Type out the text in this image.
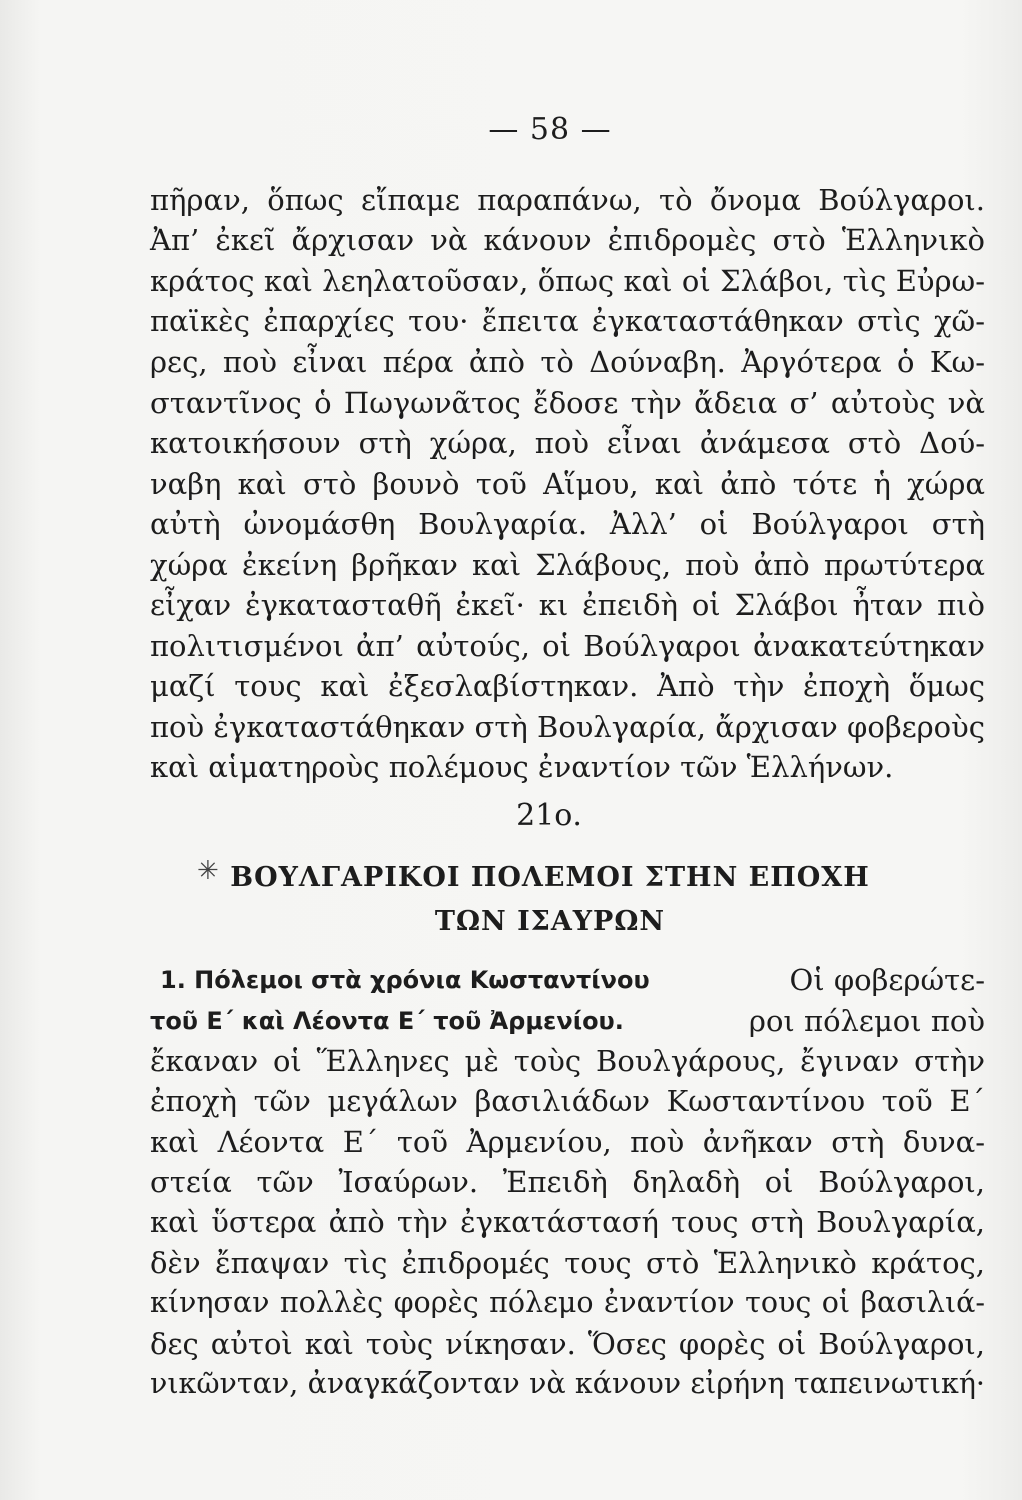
— 58 —
πῆραν, ὅπως εἴπαμε παραπάνω, τὸ ὄνομα Βούλγαροι.
Ἀπ’ ἐκεῖ ἄρχισαν νὰ κάνουν ἐπιδρομὲς στὸ Ἑλληνικὸ
κράτος καὶ λεηλατοῦσαν, ὅπως καὶ οἱ Σλάβοι, τὶς Εὐρω-
παϊκὲς ἐπαρχίες του· ἔπειτα ἐγκαταστάθηκαν στὶς χῶ-
ρες, ποὺ εἶναι πέρα ἀπὸ τὸ Δούναβη. Ἀργότερα ὁ Κω-
σταντῖνος ὁ Πωγωνᾶτος ἔδοσε τὴν ἄδεια σ’ αὐτοὺς νὰ
κατοικήσουν στὴ χώρα, ποὺ εἶναι ἀνάμεσα στὸ Δού-
ναβη καὶ στὸ βουνὸ τοῦ Αἵμου, καὶ ἀπὸ τότε ἡ χώρα
αὐτὴ ὠνομάσθη Βουλγαρία. Ἀλλ’ οἱ Βούλγαροι στὴ
χώρα ἐκείνη βρῆκαν καὶ Σλάβους, ποὺ ἀπὸ πρωτύτερα
εἶχαν ἐγκατασταθῆ ἐκεῖ· κι ἐπειδὴ οἱ Σλάβοι ἦταν πιὸ
πολιτισμένοι ἀπ’ αὐτούς, οἱ Βούλγαροι ἀνακατεύτηκαν
μαζί τους καὶ ἐξεσλαβίστηκαν. Ἀπὸ τὴν ἐποχὴ ὅμως
ποὺ ἐγκαταστάθηκαν στὴ Βουλγαρία, ἄρχισαν φοβεροὺς
καὶ αἱματηροὺς πολέμους ἐναντίον τῶν Ἑλλήνων.
21ο.
✳ ΒΟΥΛΓΑΡΙΚΟΙ ΠΟΛΕΜΟΙ ΣΤΗΝ ΕΠΟΧΗ
ΤΩΝ ΙΣΑΥΡΩΝ
1. Πόλεμοι στὰ χρόνια Κωσταντίνου	Οἱ φοβερώτε-
τοῦ Ε΄ καὶ Λέοντα Ε΄ τοῦ Ἀρμενίου.	ροι πόλεμοι ποὺ
ἔκαναν οἱ Ἕλληνες μὲ τοὺς Βουλγάρους, ἔγιναν στὴν
ἐποχὴ τῶν μεγάλων βασιλιάδων Κωσταντίνου τοῦ Ε΄
καὶ Λέοντα Ε΄ τοῦ Ἀρμενίου, ποὺ ἀνῆκαν στὴ δυνα-
στεία τῶν Ἰσαύρων. Ἐπειδὴ δηλαδὴ οἱ Βούλγαροι,
καὶ ὕστερα ἀπὸ τὴν ἐγκατάστασή τους στὴ Βουλγαρία,
δὲν ἔπαψαν τὶς ἐπιδρομές τους στὸ Ἑλληνικὸ κράτος,
κίνησαν πολλὲς φορὲς πόλεμο ἐναντίον τους οἱ βασιλιά-
δες αὐτοὶ καὶ τοὺς νίκησαν. Ὅσες φορὲς οἱ Βούλγαροι,
νικῶνταν, ἀναγκάζονταν νὰ κάνουν εἰρήνη ταπεινωτική·
